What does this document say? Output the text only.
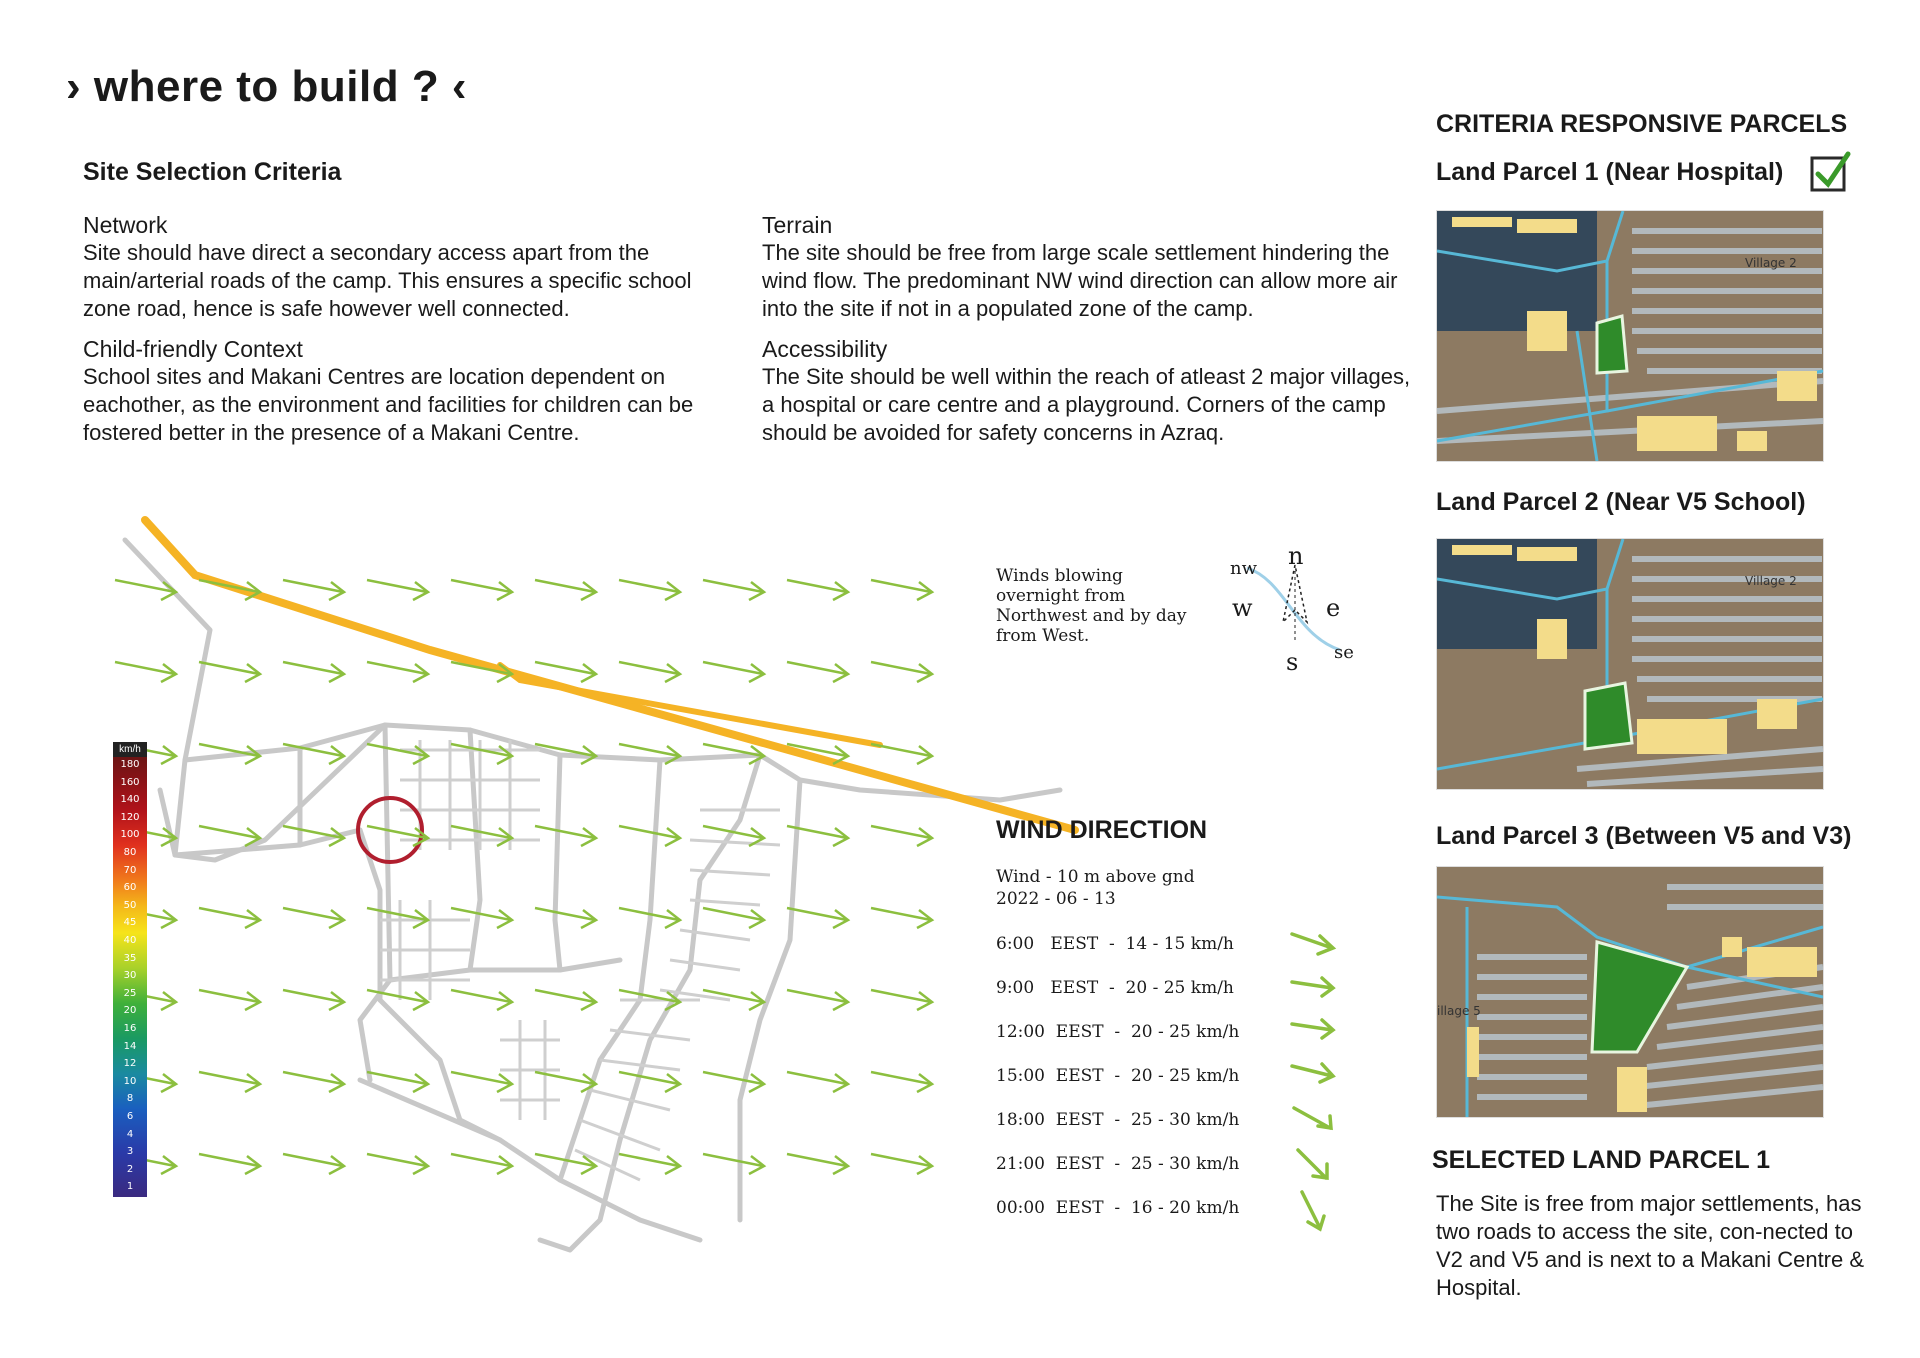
› where to build ? ‹
Site Selection Criteria
Network
Site should have direct a secondary access apart from the main/arterial roads of the camp. This ensures a specific school zone road, hence is safe however well connected.
Terrain
The site should be free from large scale settlement hindering the wind flow. The predominant NW wind direction can allow more air into the site if not in a populated zone of the camp.
Child-friendly Context
School sites and Makani Centres are location dependent on eachother, as the environment and facilities for children can be fostered better in the presence of a Makani Centre.
Accessibility
The Site should be well within the reach of atleast 2 major villages, a hospital or care centre and a playground. Corners of the camp should be avoided for safety concerns in Azraq.
km/h
180
160
140
120
100
80
70
60
50
45
40
35
30
25
20
16
14
12
10
8
6
4
3
2
1
Winds blowing overnight from Northwest and by day from West.
n
s
e
w
nw
se
WIND DIRECTION
Wind - 10 m above gnd
2022 - 06 - 13
6:00   EEST  -  14 - 15 km/h
9:00   EEST  -  20 - 25 km/h
12:00  EEST  -  20 - 25 km/h
15:00  EEST  -  20 - 25 km/h
18:00  EEST  -  25 - 30 km/h
21:00  EEST  -  25 - 30 km/h
00:00  EEST  -  16 - 20 km/h
CRITERIA RESPONSIVE PARCELS
Land Parcel 1 (Near Hospital)
Village 2
Land Parcel 2 (Near V5 School)
Village 2
Land Parcel 3 (Between V5 and V3)
illage 5
SELECTED LAND PARCEL 1
The Site is free from major settlements, has two roads to access the site, con-nected to V2 and V5 and is next to a Makani Centre & Hospital.
